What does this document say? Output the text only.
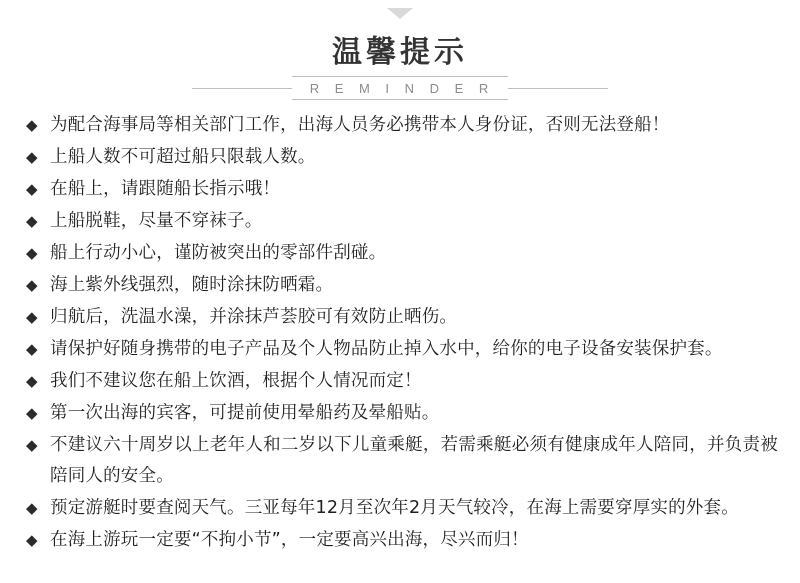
温馨提示
R E M I N D E R
◆ 为配合海事局等相关部门工作，出海人员务必携带本人身份证，否则无法登船！
◆ 上船人数不可超过船只限载人数。
◆ 在船上，请跟随船长指示哦！
◆ 上船脱鞋，尽量不穿袜子。
◆ 船上行动小心，谨防被突出的零部件刮碰。
◆ 海上紫外线强烈，随时涂抹防晒霜。
◆ 归航后，洗温水澡，并涂抹芦荟胶可有效防止晒伤。
◆ 请保护好随身携带的电子产品及个人物品防止掉入水中，给你的电子设备安装保护套。
◆ 我们不建议您在船上饮酒，根据个人情况而定！
◆ 第一次出海的宾客，可提前使用晕船药及晕船贴。
◆ 不建议六十周岁以上老年人和二岁以下儿童乘艇，若需乘艇必须有健康成年人陪同，并负责被陪同人的安全。
◆ 预定游艇时要查阅天气。三亚每年12月至次年2月天气较冷，在海上需要穿厚实的外套。
◆ 在海上游玩一定要“不拘小节”，一定要高兴出海，尽兴而归！
